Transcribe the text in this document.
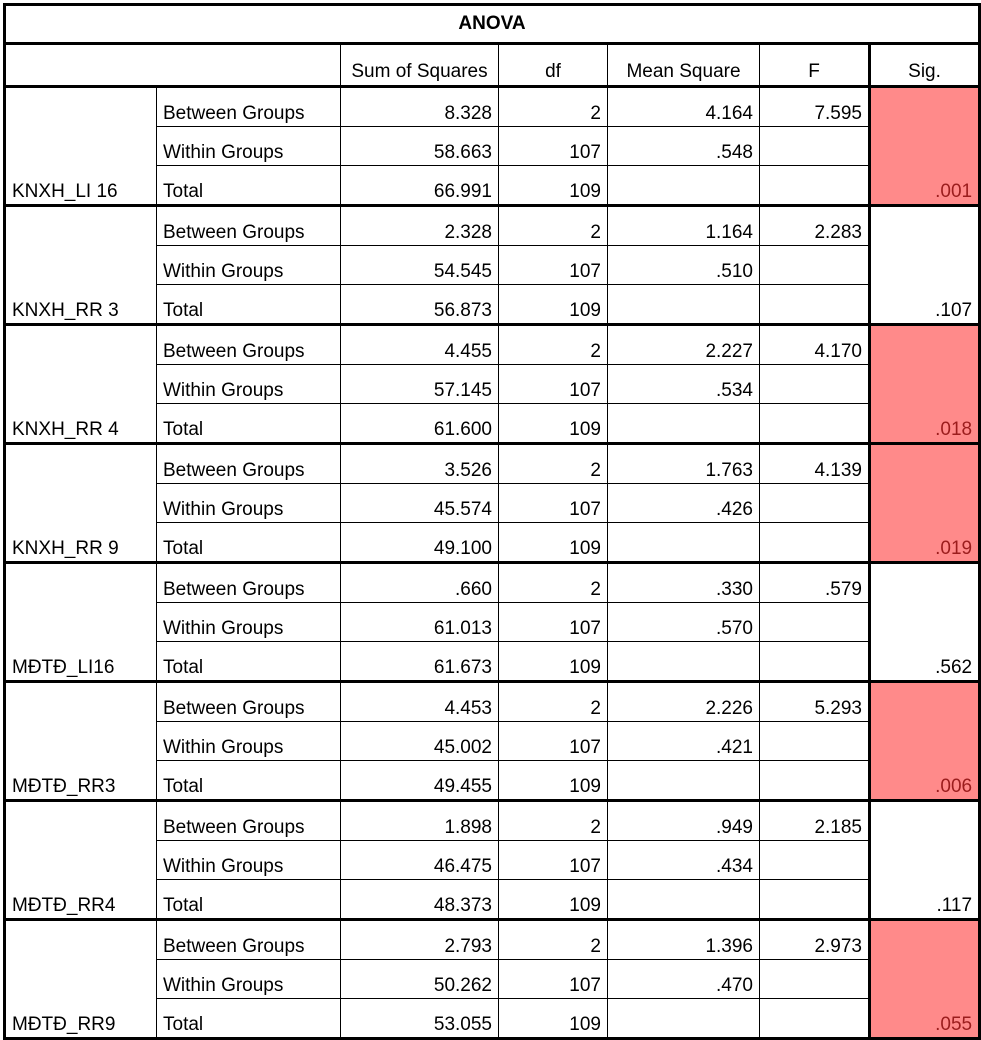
ANOVA						
		Sum of Squares	df	Mean Square	F	Sig.
KNXH_LI 16	Between Groups	8.328	2	4.164	7.595	.001
	Within Groups	58.663	107	.548		
	Total	66.991	109			
KNXH_RR 3	Between Groups	2.328	2	1.164	2.283	.107
	Within Groups	54.545	107	.510		
	Total	56.873	109			
KNXH_RR 4	Between Groups	4.455	2	2.227	4.170	.018
	Within Groups	57.145	107	.534		
	Total	61.600	109			
KNXH_RR 9	Between Groups	3.526	2	1.763	4.139	.019
	Within Groups	45.574	107	.426		
	Total	49.100	109			
MĐTĐ_LI16	Between Groups	.660	2	.330	.579	.562
	Within Groups	61.013	107	.570		
	Total	61.673	109			
MĐTĐ_RR3	Between Groups	4.453	2	2.226	5.293	.006
	Within Groups	45.002	107	.421		
	Total	49.455	109			
MĐTĐ_RR4	Between Groups	1.898	2	.949	2.185	.117
	Within Groups	46.475	107	.434		
	Total	48.373	109			
MĐTĐ_RR9	Between Groups	2.793	2	1.396	2.973	.055
	Within Groups	50.262	107	.470		
	Total	53.055	109			
